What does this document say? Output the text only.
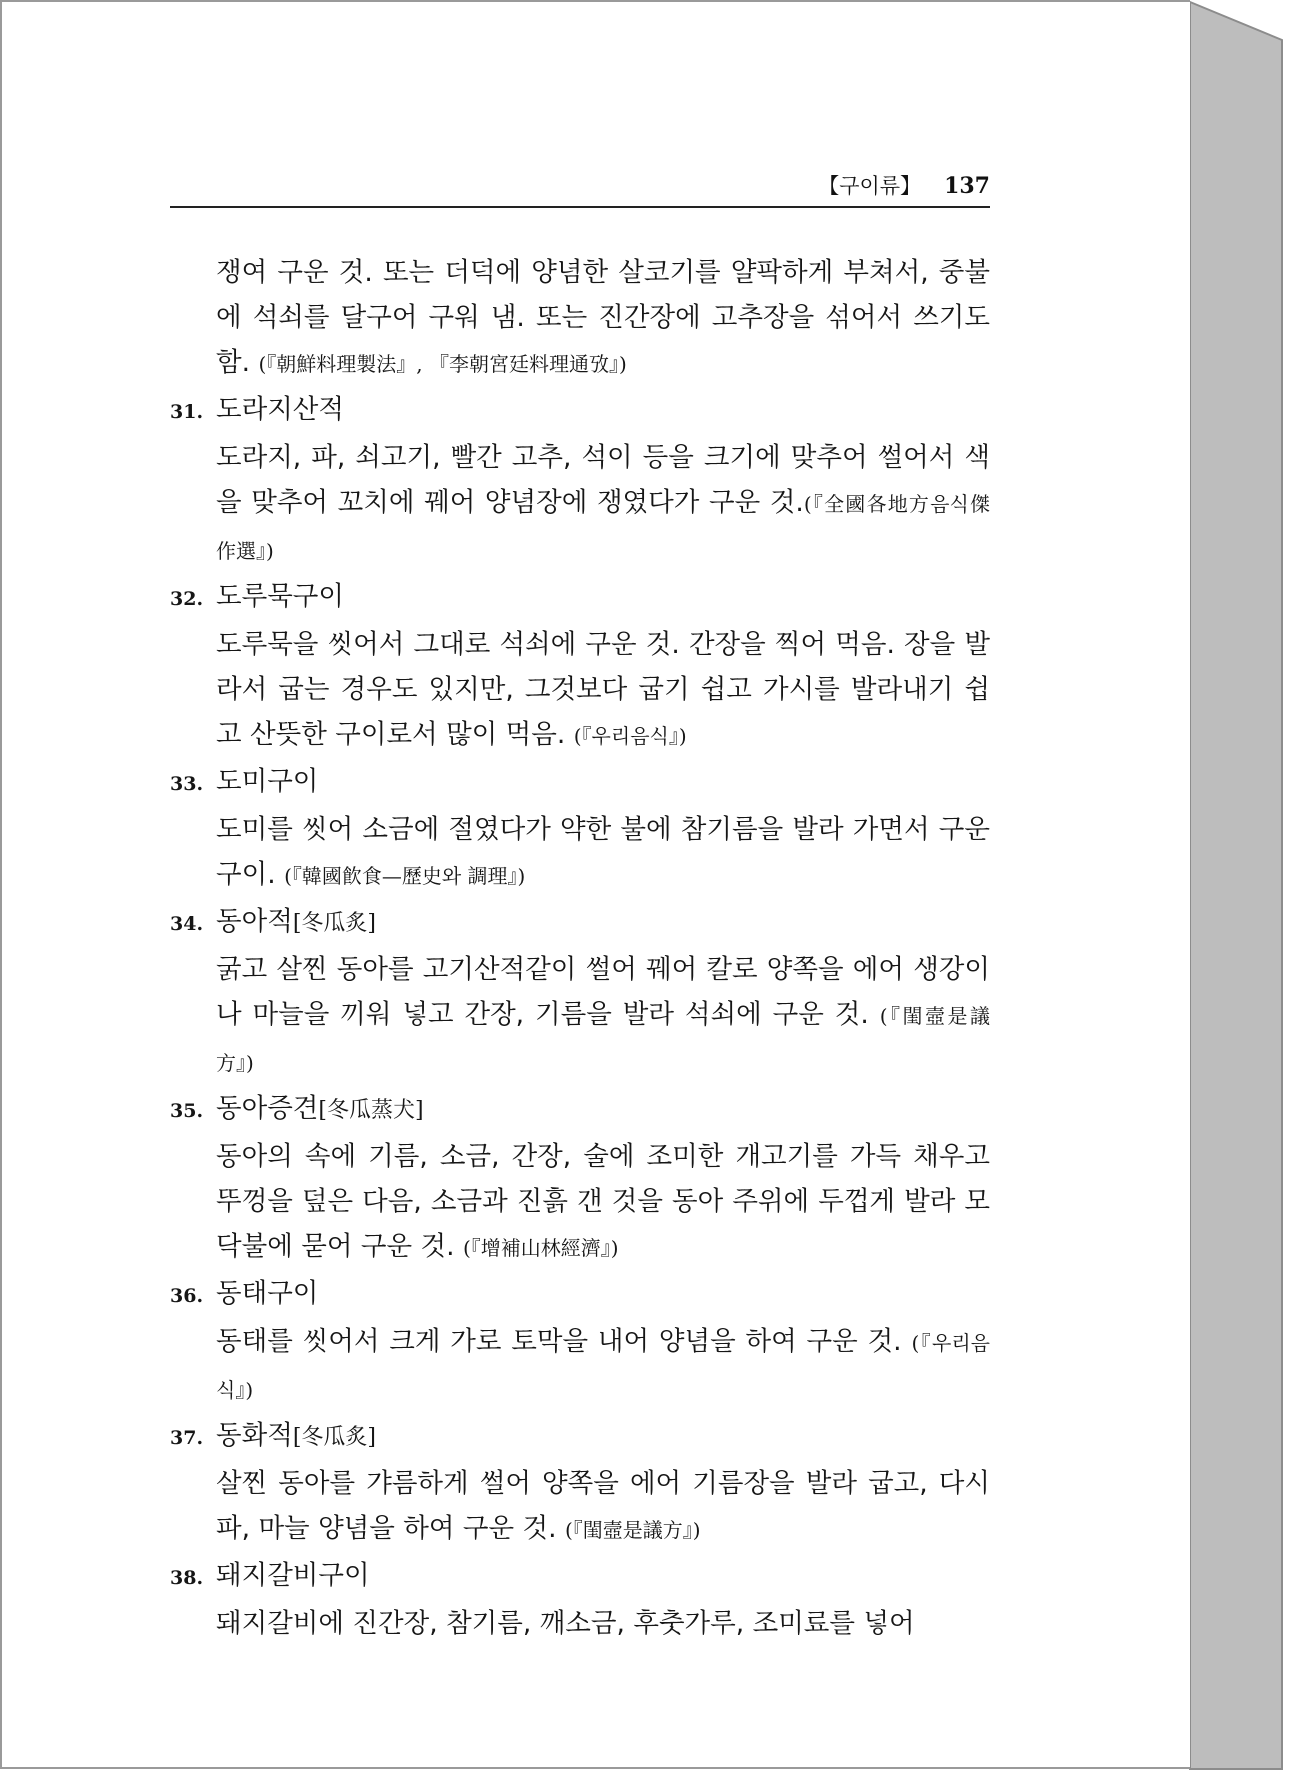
【구이류】 137

쟁여 구운 것. 또는 더덕에 양념한 살코기를 얄팍하게 부쳐서, 중불에 석쇠를 달구어 구워 냄. 또는 진간장에 고추장을 섞어서 쓰기도 함. (『朝鮮料理製法』, 『李朝宮廷料理通攷』)

31. 도라지산적

도라지, 파, 쇠고기, 빨간 고추, 석이 등을 크기에 맞추어 썰어서 색을 맞추어 꼬치에 꿰어 양념장에 쟁였다가 구운 것.(『全國各地方음식傑作選』)

32. 도루묵구이

도루묵을 씻어서 그대로 석쇠에 구운 것. 간장을 찍어 먹음. 장을 발라서 굽는 경우도 있지만, 그것보다 굽기 쉽고 가시를 발라내기 쉽고 산뜻한 구이로서 많이 먹음. (『우리음식』)

33. 도미구이

도미를 씻어 소금에 절였다가 약한 불에 참기름을 발라 가면서 구운 구이. (『韓國飮食—歷史와 調理』)

34. 동아적[冬瓜炙]

굵고 살찐 동아를 고기산적같이 썰어 꿰어 칼로 양쪽을 에어 생강이나 마늘을 끼워 넣고 간장, 기름을 발라 석쇠에 구운 것. (『閨壼是議方』)

35. 동아증견[冬瓜蒸犬]

동아의 속에 기름, 소금, 간장, 술에 조미한 개고기를 가득 채우고 뚜껑을 덮은 다음, 소금과 진흙 갠 것을 동아 주위에 두껍게 발라 모닥불에 묻어 구운 것. (『增補山林經濟』)

36. 동태구이

동태를 씻어서 크게 가로 토막을 내어 양념을 하여 구운 것. (『우리음식』)

37. 동화적[冬瓜炙]

살찐 동아를 갸름하게 썰어 양쪽을 에어 기름장을 발라 굽고, 다시 파, 마늘 양념을 하여 구운 것. (『閨壼是議方』)

38. 돼지갈비구이

돼지갈비에 진간장, 참기름, 깨소금, 후춧가루, 조미료를 넣어
